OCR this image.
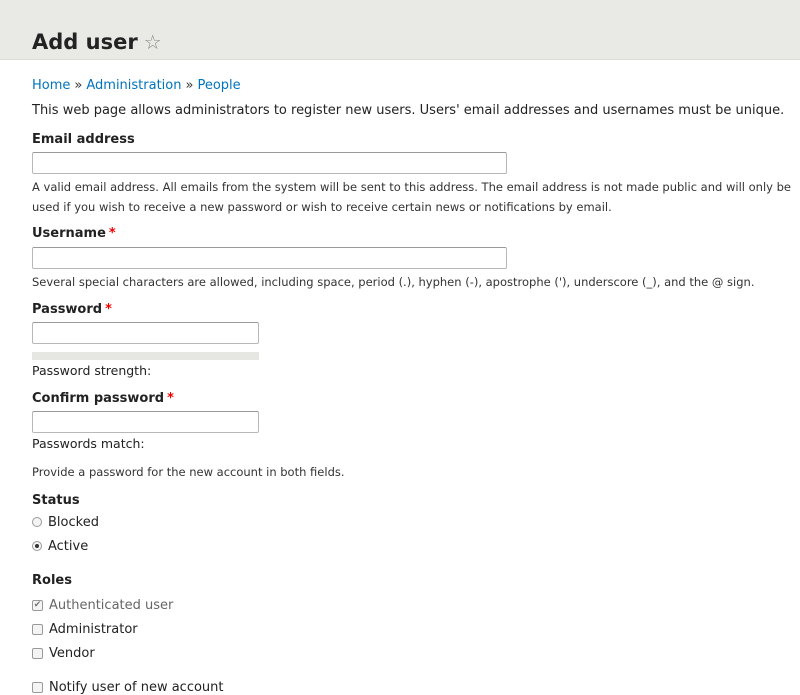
Add user ☆
Home » Administration » People
This web page allows administrators to register new users. Users' email addresses and usernames must be unique.
Email address
A valid email address. All emails from the system will be sent to this address. The email address is not made public and will only be
used if you wish to receive a new password or wish to receive certain news or notifications by email.
Username *
Several special characters are allowed, including space, period (.), hyphen (-), apostrophe ('), underscore (_), and the @ sign.
Password *
Password strength:
Confirm password *
Passwords match:
Provide a password for the new account in both fields.
Status
Blocked
Active
Roles
✔ Authenticated user
Administrator
Vendor
Notify user of new account
